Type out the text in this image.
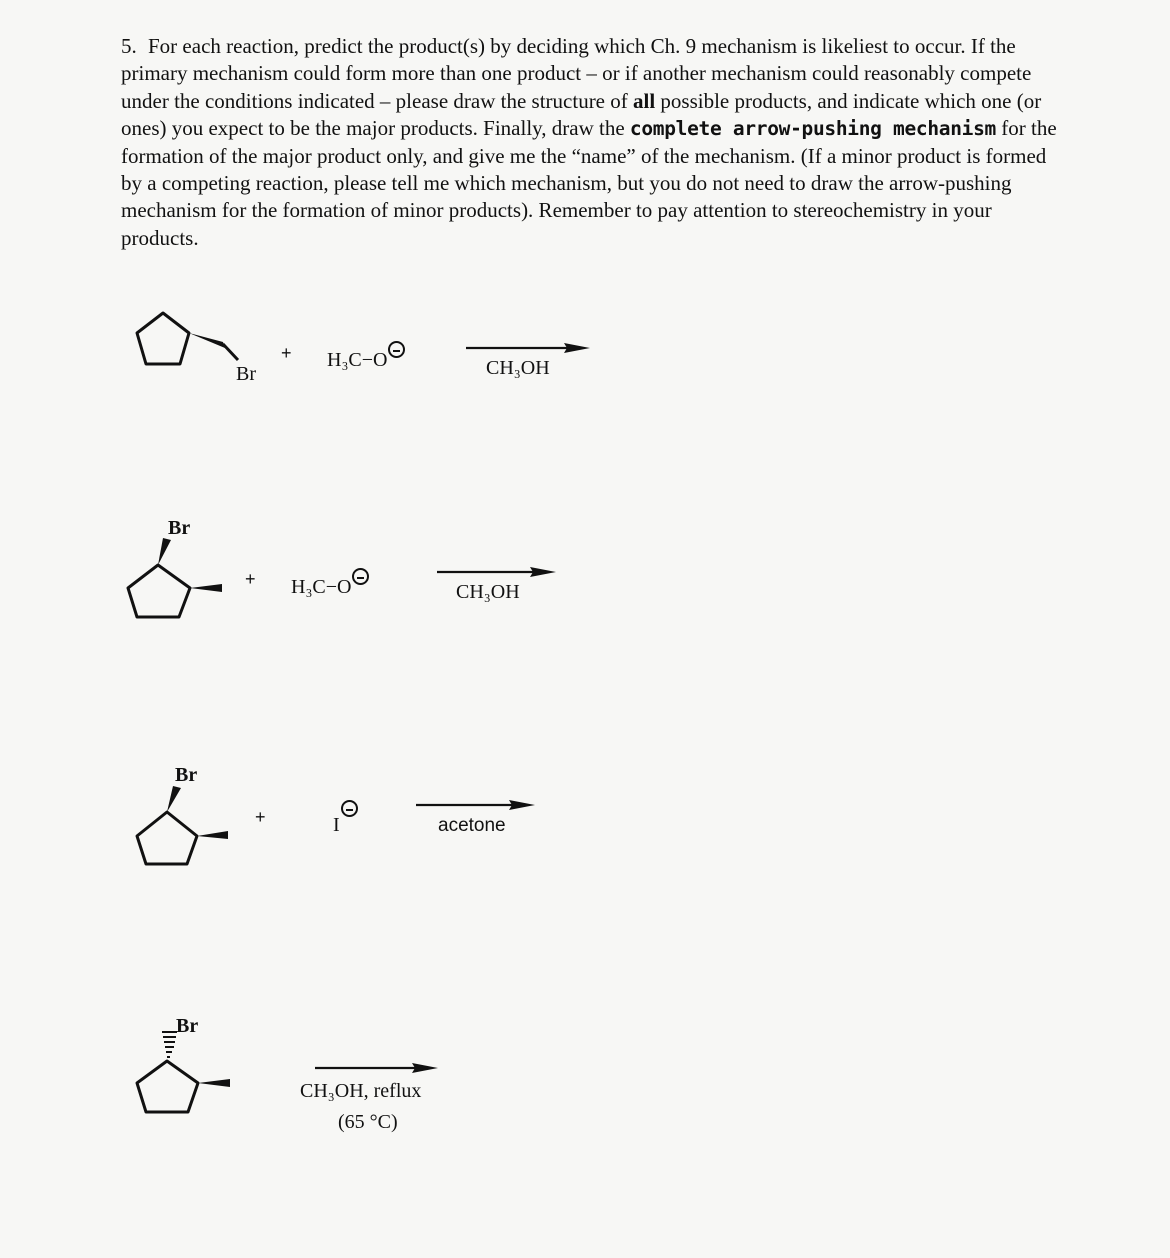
5. For each reaction, predict the product(s) by deciding which Ch. 9 mechanism is likeliest to occur. If the primary mechanism could form more than one product – or if another mechanism could reasonably compete under the conditions indicated – please draw the structure of all possible products, and indicate which one (or ones) you expect to be the major products. Finally, draw the complete arrow-pushing mechanism for the formation of the major product only, and give me the “name” of the mechanism. (If a minor product is formed by a competing reaction, please tell me which mechanism, but you do not need to draw the arrow-pushing mechanism for the formation of minor products). Remember to pay attention to stereochemistry in your products.
Br
+ H₃C−O	CH₃OH
Br
+ H₃C−O	CH₃OH
Br
+	I	acetone
Br
CH₃OH, reflux
(65 °C)
